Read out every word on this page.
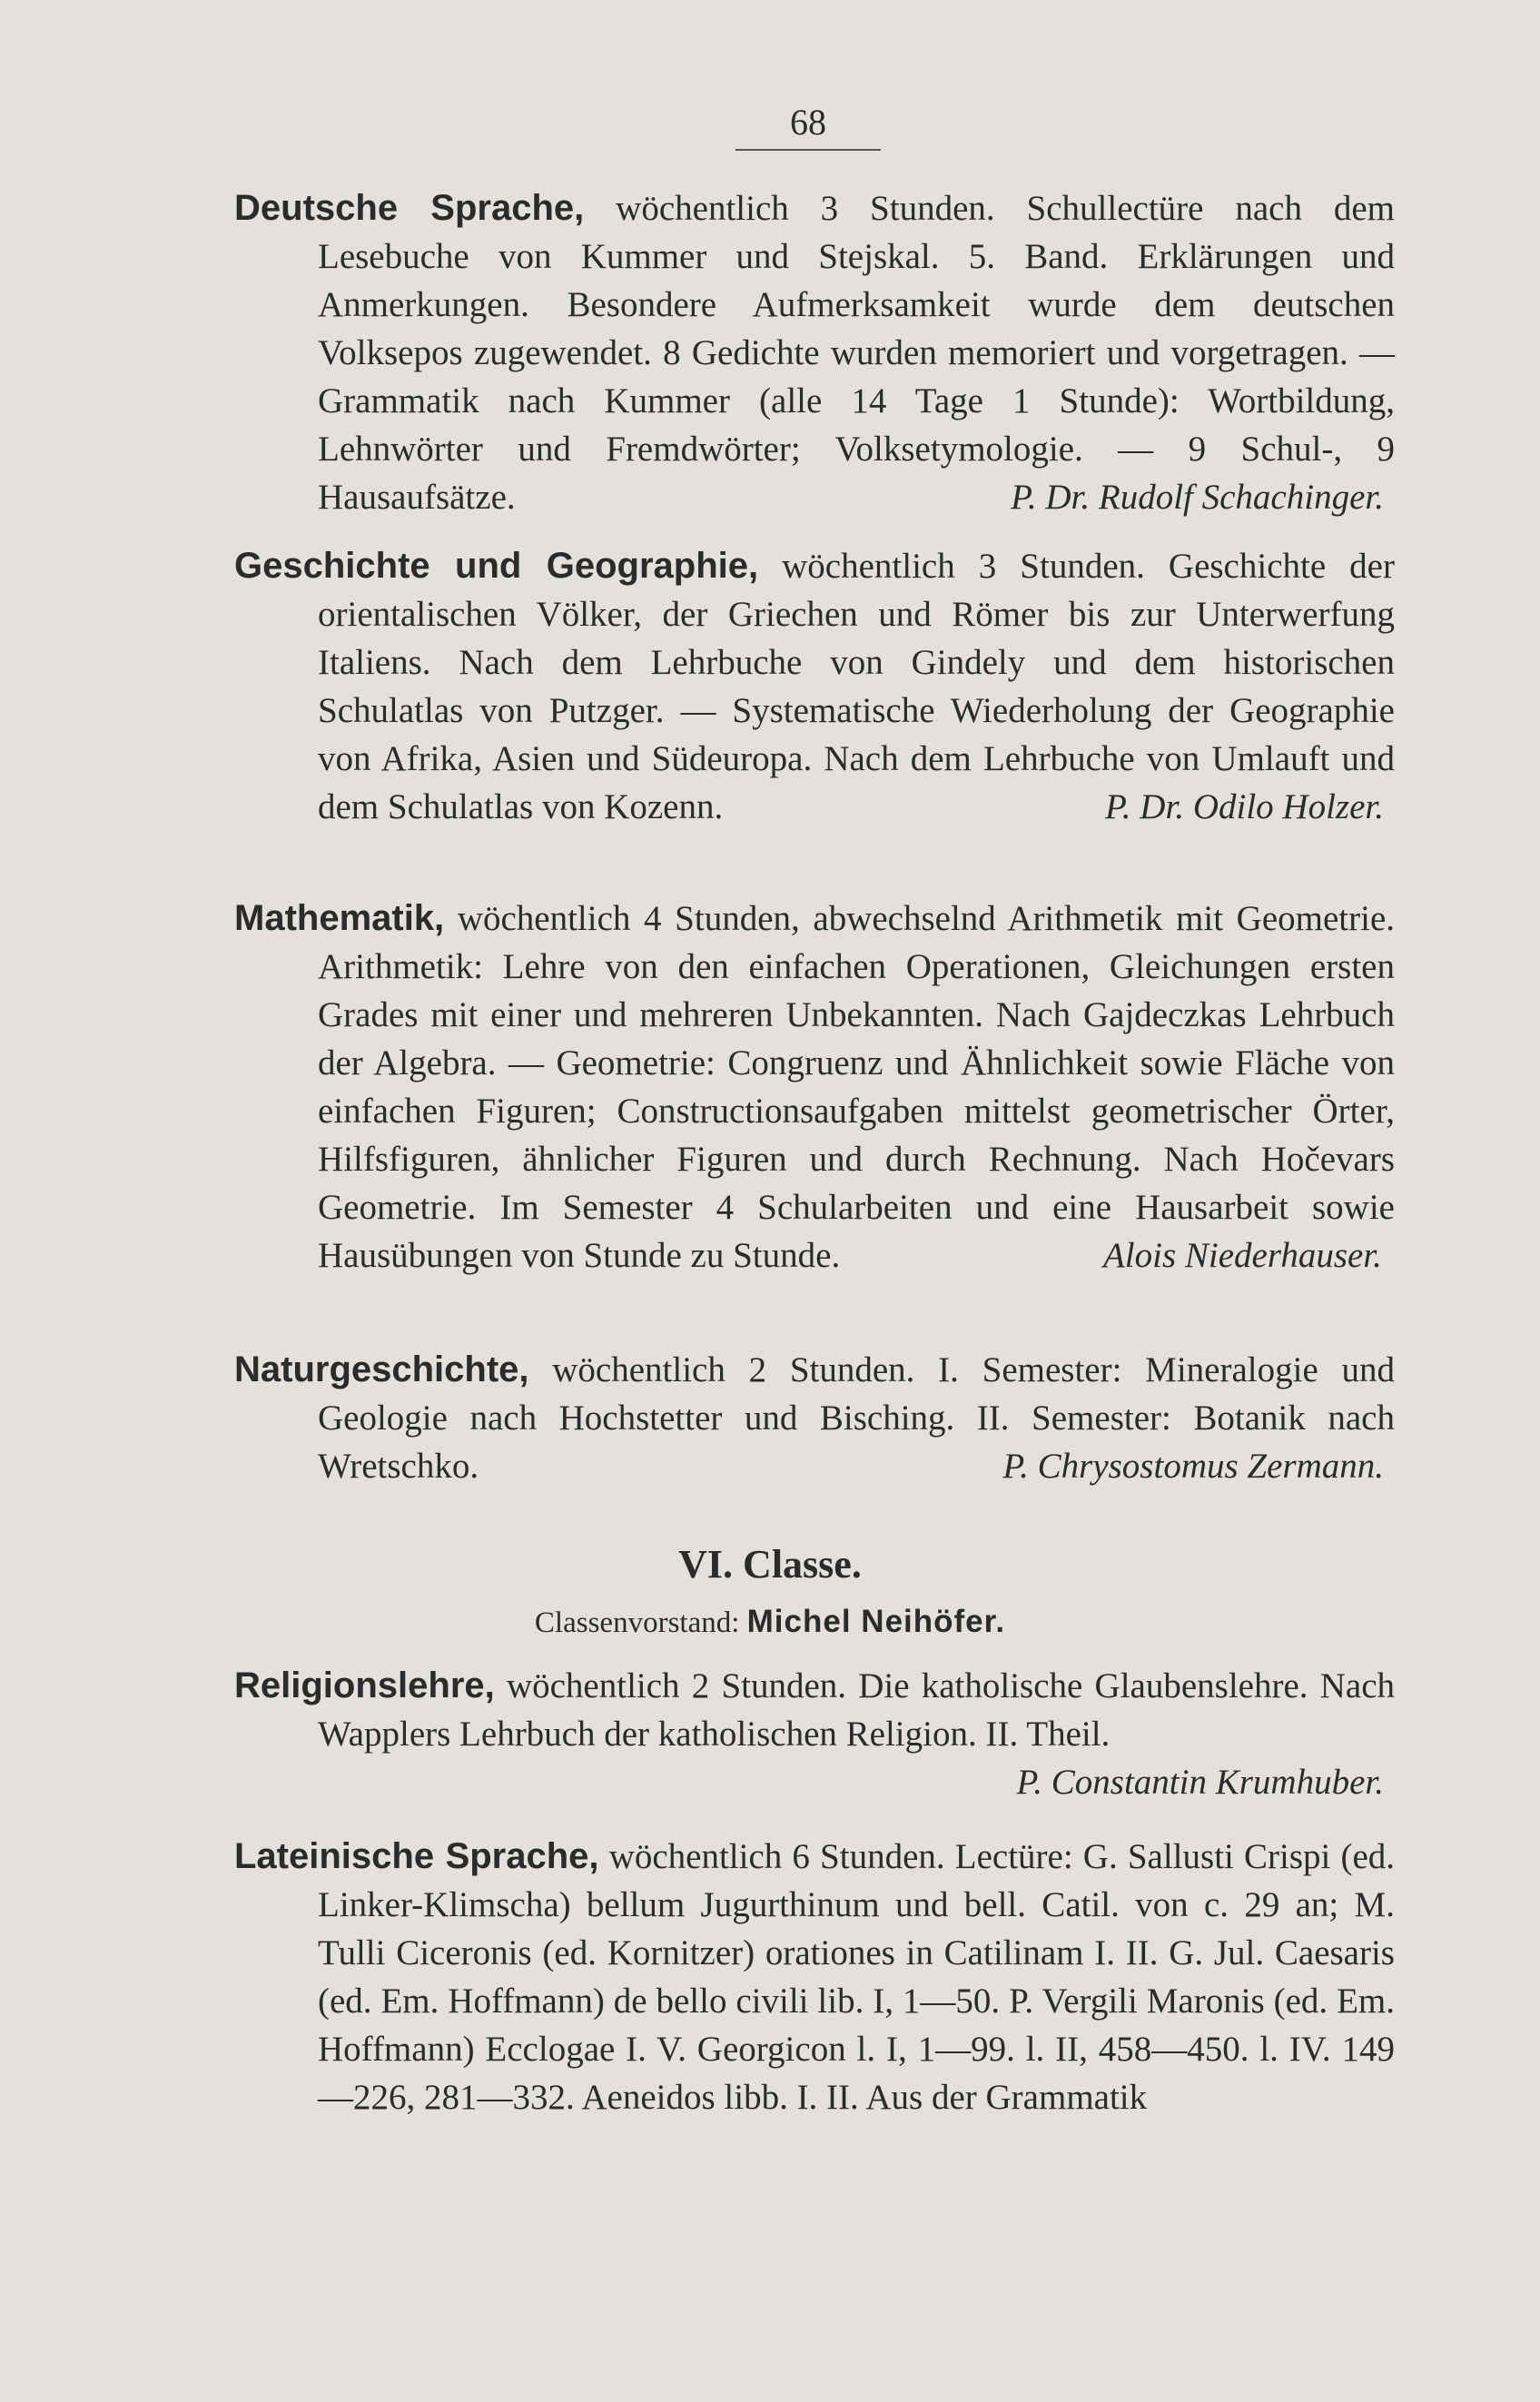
68

Deutsche Sprache, wöchentlich 3 Stunden. Schullectüre nach dem Lesebuche von Kummer und Stejskal. 5. Band. Erklärungen und Anmerkungen. Besondere Aufmerksamkeit wurde dem deutschen Volksepos zugewendet. 8 Gedichte wurden memoriert und vorgetragen. — Grammatik nach Kummer (alle 14 Tage 1 Stunde): Wortbildung, Lehnwörter und Fremdwörter; Volksetymologie. — 9 Schul-, 9 Hausaufsätze.	P. Dr. Rudolf Schachinger.

Geschichte und Geographie, wöchentlich 3 Stunden. Geschichte der orientalischen Völker, der Griechen und Römer bis zur Unterwerfung Italiens. Nach dem Lehrbuche von Gindely und dem historischen Schulatlas von Putzger. — Systematische Wiederholung der Geographie von Afrika, Asien und Südeuropa. Nach dem Lehrbuche von Umlauft und dem Schulatlas von Kozenn.	P. Dr. Odilo Holzer.

Mathematik, wöchentlich 4 Stunden, abwechselnd Arithmetik mit Geometrie. Arithmetik: Lehre von den einfachen Operationen, Gleichungen ersten Grades mit einer und mehreren Unbekannten. Nach Gajdeczkas Lehrbuch der Algebra. — Geometrie: Congruenz und Ähnlichkeit sowie Fläche von einfachen Figuren; Constructionsaufgaben mittelst geometrischer Örter, Hilfsfiguren, ähnlicher Figuren und durch Rechnung. Nach Hočevars Geometrie. Im Semester 4 Schularbeiten und eine Hausarbeit sowie Hausübungen von Stunde zu Stunde.	Alois Niederhauser.

Naturgeschichte, wöchentlich 2 Stunden. I. Semester: Mineralogie und Geologie nach Hochstetter und Bisching. II. Semester: Botanik nach Wretschko.	P. Chrysostomus Zermann.

VI. Classe.
Classenvorstand: Michel Neihöfer.

Religionslehre, wöchentlich 2 Stunden. Die katholische Glaubenslehre. Nach Wapplers Lehrbuch der katholischen Religion. II. Theil.
P. Constantin Krumhuber.

Lateinische Sprache, wöchentlich 6 Stunden. Lectüre: G. Sallusti Crispi (ed. Linker-Klimscha) bellum Jugurthinum und bell. Catil. von c. 29 an; M. Tulli Ciceronis (ed. Kornitzer) orationes in Catilinam I. II. G. Jul. Caesaris (ed. Em. Hoffmann) de bello civili lib. I, 1—50. P. Vergili Maronis (ed. Em. Hoffmann) Ecclogae I. V. Georgicon l. I, 1—99. l. II, 458—450. l. IV. 149—226, 281—332. Aeneidos libb. I. II. Aus der Grammatik
